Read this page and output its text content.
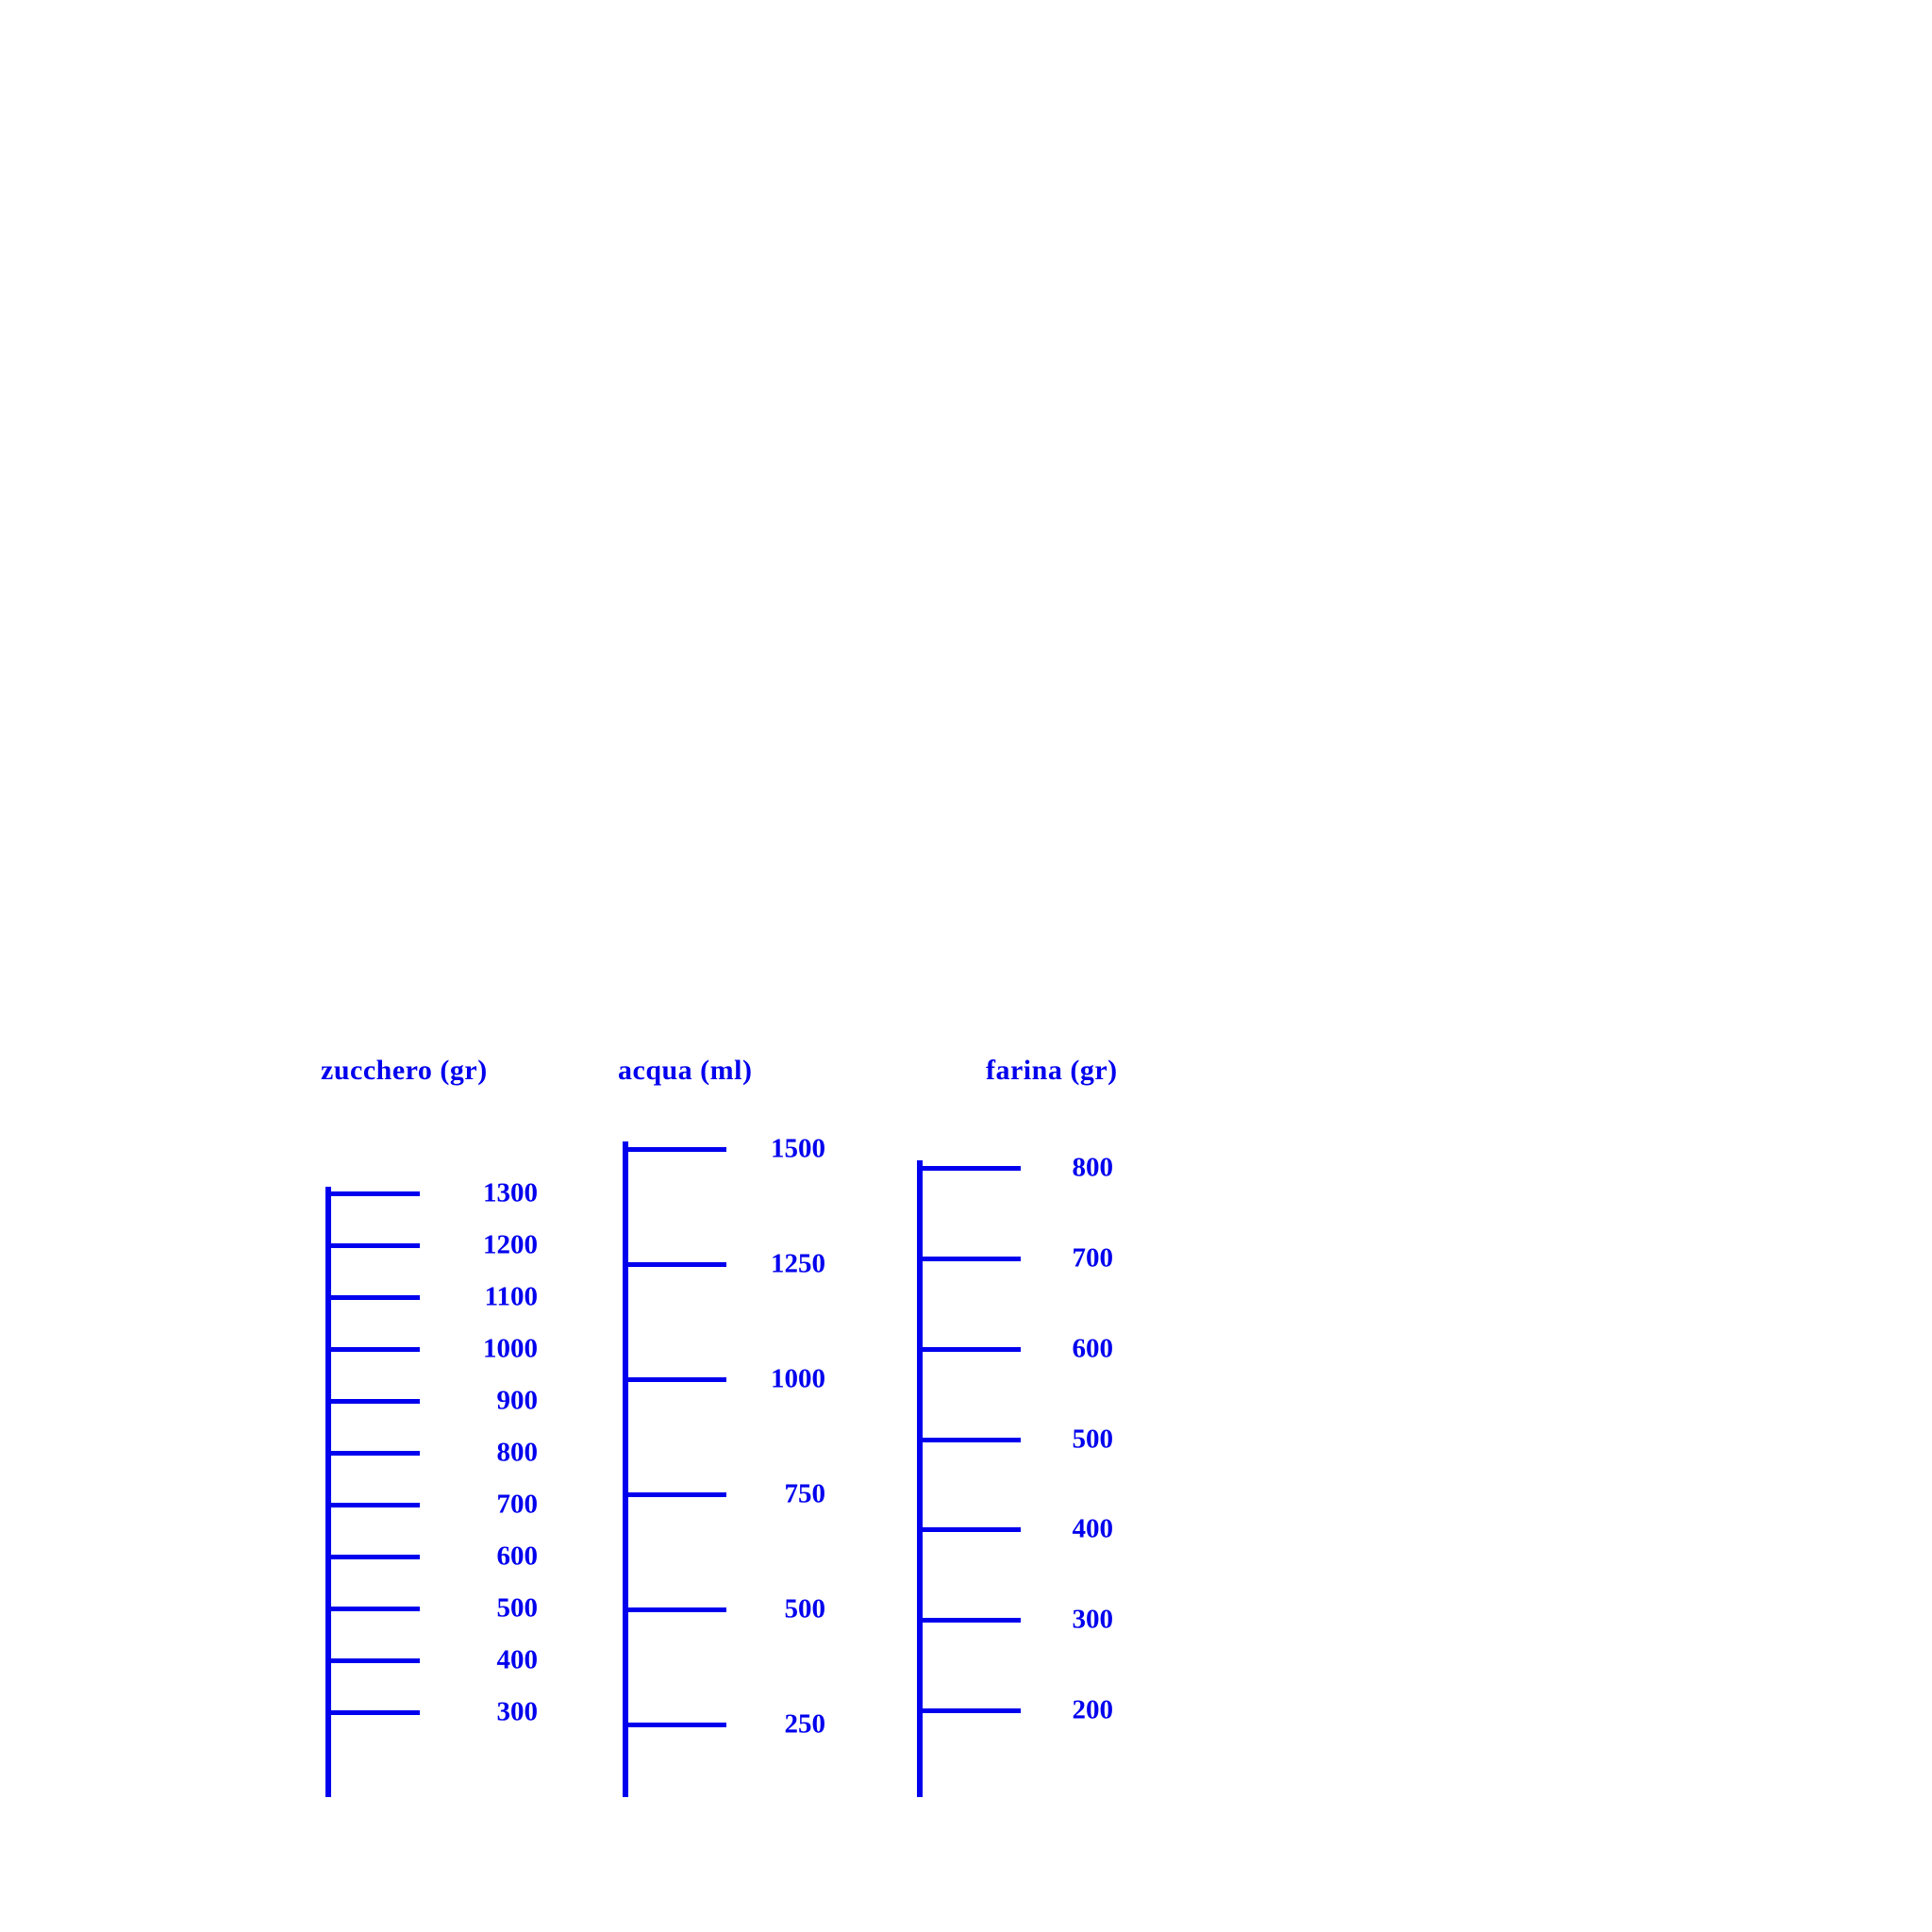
zucchero (gr)
1300
1200
1100
1000
900
800
700
600
500
400
300
acqua (ml)
1500
1250
1000
750
500
250
farina (gr)
800
700
600
500
400
300
200
